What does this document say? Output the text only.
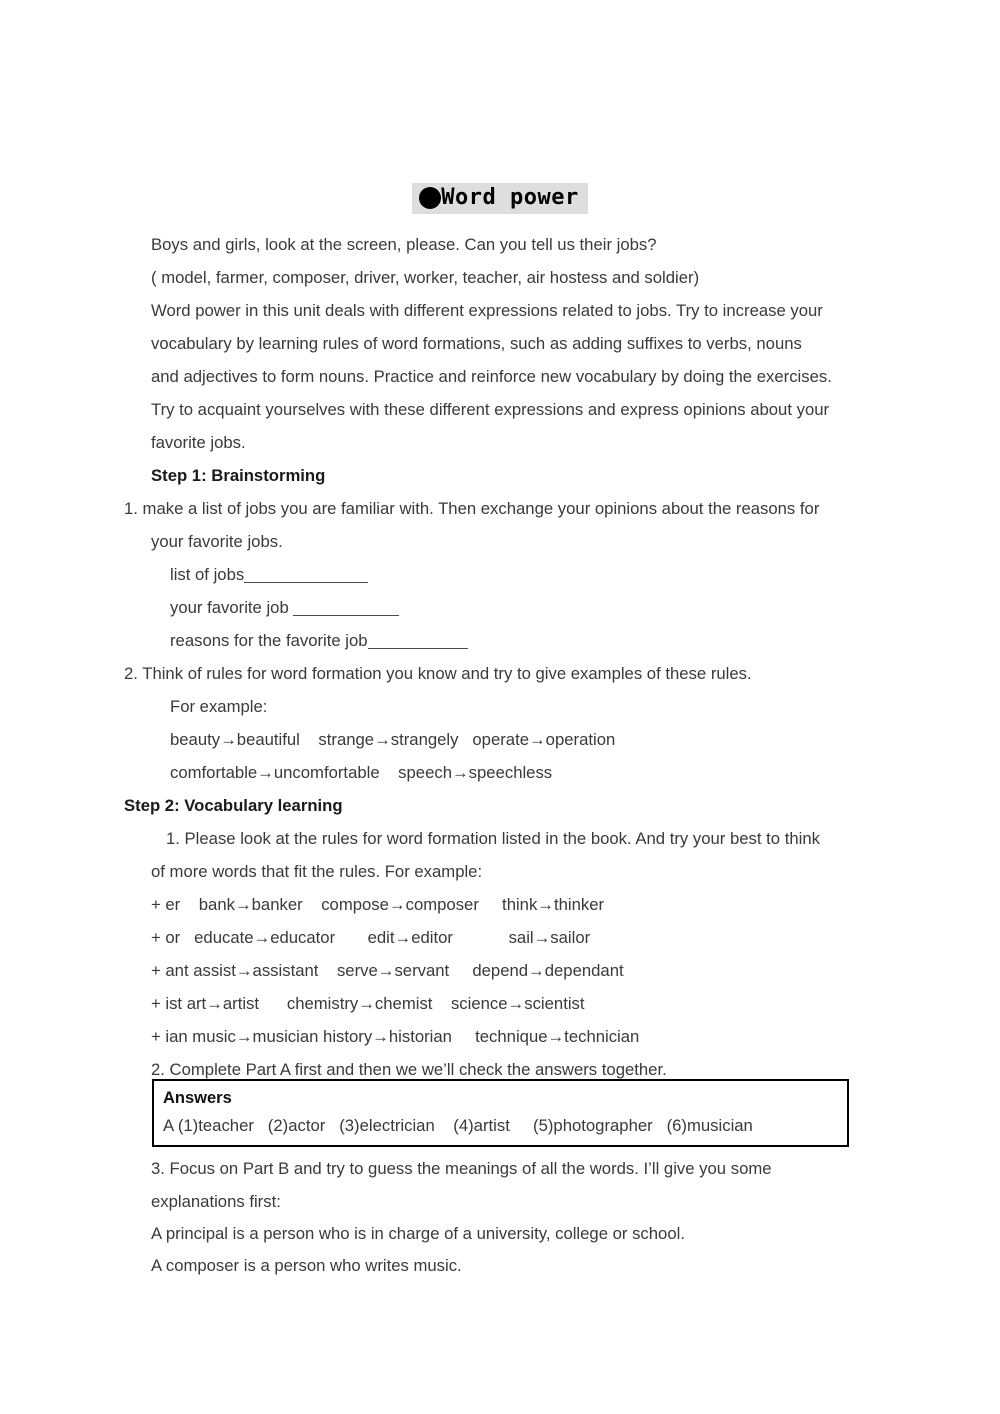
Word power
Boys and girls, look at the screen, please. Can you tell us their jobs?
( model, farmer, composer, driver, worker, teacher, air hostess and soldier)
Word power in this unit deals with different expressions related to jobs. Try to increase your
vocabulary by learning rules of word formations, such as adding suffixes to verbs, nouns
and adjectives to form nouns. Practice and reinforce new vocabulary by doing the exercises.
Try to acquaint yourselves with these different expressions and express opinions about your
favorite jobs.
Step 1: Brainstorming
1. make a list of jobs you are familiar with. Then exchange your opinions about the reasons for
your favorite jobs.
list of jobs
your favorite job
reasons for the favorite job
2. Think of rules for word formation you know and try to give examples of these rules.
For example:
beauty→beautiful    strange→strangely   operate→operation
comfortable→uncomfortable    speech→speechless
Step 2: Vocabulary learning
1. Please look at the rules for word formation listed in the book. And try your best to think
of more words that fit the rules. For example:
+ er    bank→banker    compose→composer     think→thinker
+ or   educate→educator       edit→editor            sail→sailor
+ ant assist→assistant    serve→servant     depend→dependant
+ ist art→artist      chemistry→chemist    science→scientist
+ ian music→musician history→historian     technique→technician
2. Complete Part A first and then we we’ll check the answers together.

3. Focus on Part B and try to guess the meanings of all the words. I’ll give you some
explanations first:
A principal is a person who is in charge of a university, college or school.
A composer is a person who writes music.
Answers
A (1)teacher   (2)actor   (3)electrician    (4)artist     (5)photographer   (6)musician
